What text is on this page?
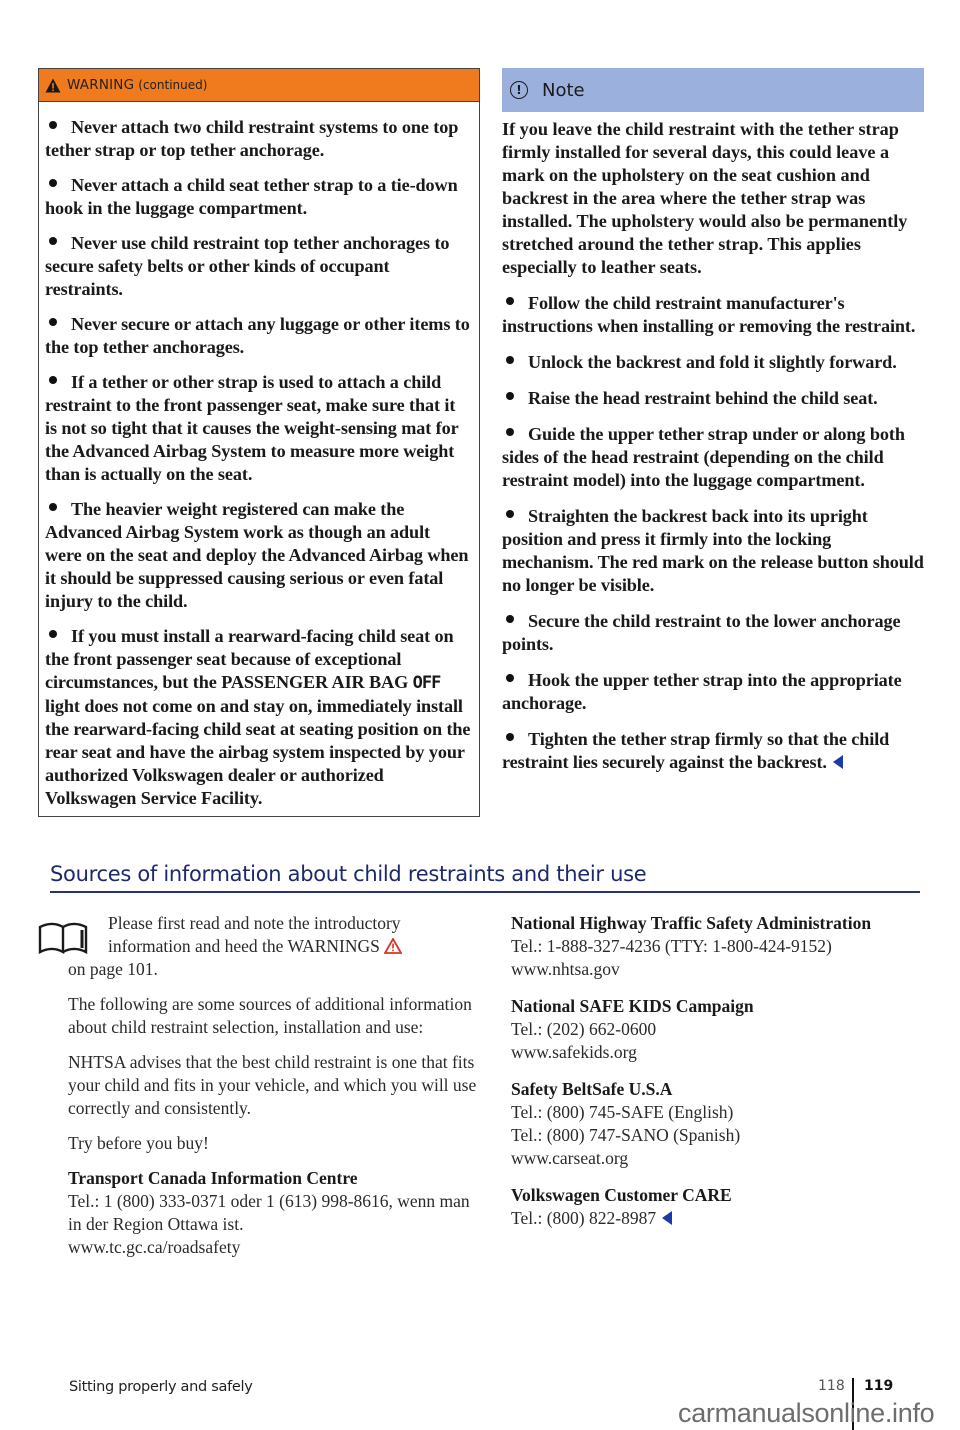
WARNING (continued)

Never attach two child restraint systems to one top tether strap or top tether anchorage.

Never attach a child seat tether strap to a tie-down hook in the luggage compartment.

Never use child restraint top tether anchorages to secure safety belts or other kinds of occupant restraints.

Never secure or attach any luggage or other items to the top tether anchorages.

If a tether or other strap is used to attach a child restraint to the front passenger seat, make sure that it is not so tight that it causes the weight-sensing mat for the Advanced Airbag System to measure more weight than is actually on the seat.

The heavier weight registered can make the Advanced Airbag System work as though an adult were on the seat and deploy the Advanced Airbag when it should be suppressed causing serious or even fatal injury to the child.

If you must install a rearward-facing child seat on the front passenger seat because of exceptional circumstances, but the PASSENGER AIR BAG OFF light does not come on and stay on, immediately install the rearward-facing child seat at seating position on the rear seat and have the airbag system inspected by your authorized Volkswagen dealer or authorized Volkswagen Service Facility.

!	Note

If you leave the child restraint with the tether strap firmly installed for several days, this could leave a mark on the upholstery on the seat cushion and backrest in the area where the tether strap was installed. The upholstery would also be permanently stretched around the tether strap. This applies especially to leather seats.

Follow the child restraint manufacturer's instructions when installing or removing the restraint.

Unlock the backrest and fold it slightly forward.

Raise the head restraint behind the child seat.

Guide the upper tether strap under or along both sides of the head restraint (depending on the child restraint model) into the luggage compartment.

Straighten the backrest back into its upright position and press it firmly into the locking mechanism. The red mark on the release button should no longer be visible.

Secure the child restraint to the lower anchorage points.

Hook the upper tether strap into the appropriate anchorage.

Tighten the tether strap firmly so that the child restraint lies securely against the backrest.

Sources of information about child restraints and their use

Please first read and note the introductory
information and heed the WARNINGS
on page 101.

The following are some sources of additional information about child restraint selection, installation and use:

NHTSA advises that the best child restraint is one that fits your child and fits in your vehicle, and which you will use correctly and consistently.

Try before you buy!

Transport Canada Information Centre
Tel.: 1 (800) 333-0371 oder 1 (613) 998-8616, wenn man in der Region Ottawa ist.
www.tc.gc.ca/roadsafety
National Highway Traffic Safety Administration
Tel.: 1-888-327-4236 (TTY: 1-800-424-9152)
www.nhtsa.gov
National SAFE KIDS Campaign
Tel.: (202) 662-0600
www.safekids.org
Safety BeltSafe U.S.A
Tel.: (800) 745-SAFE (English)
Tel.: (800) 747-SANO (Spanish)
www.carseat.org
Volkswagen Customer CARE
Tel.: (800) 822-8987
Sitting properly and safely	118 119
carmanualsonline.info
